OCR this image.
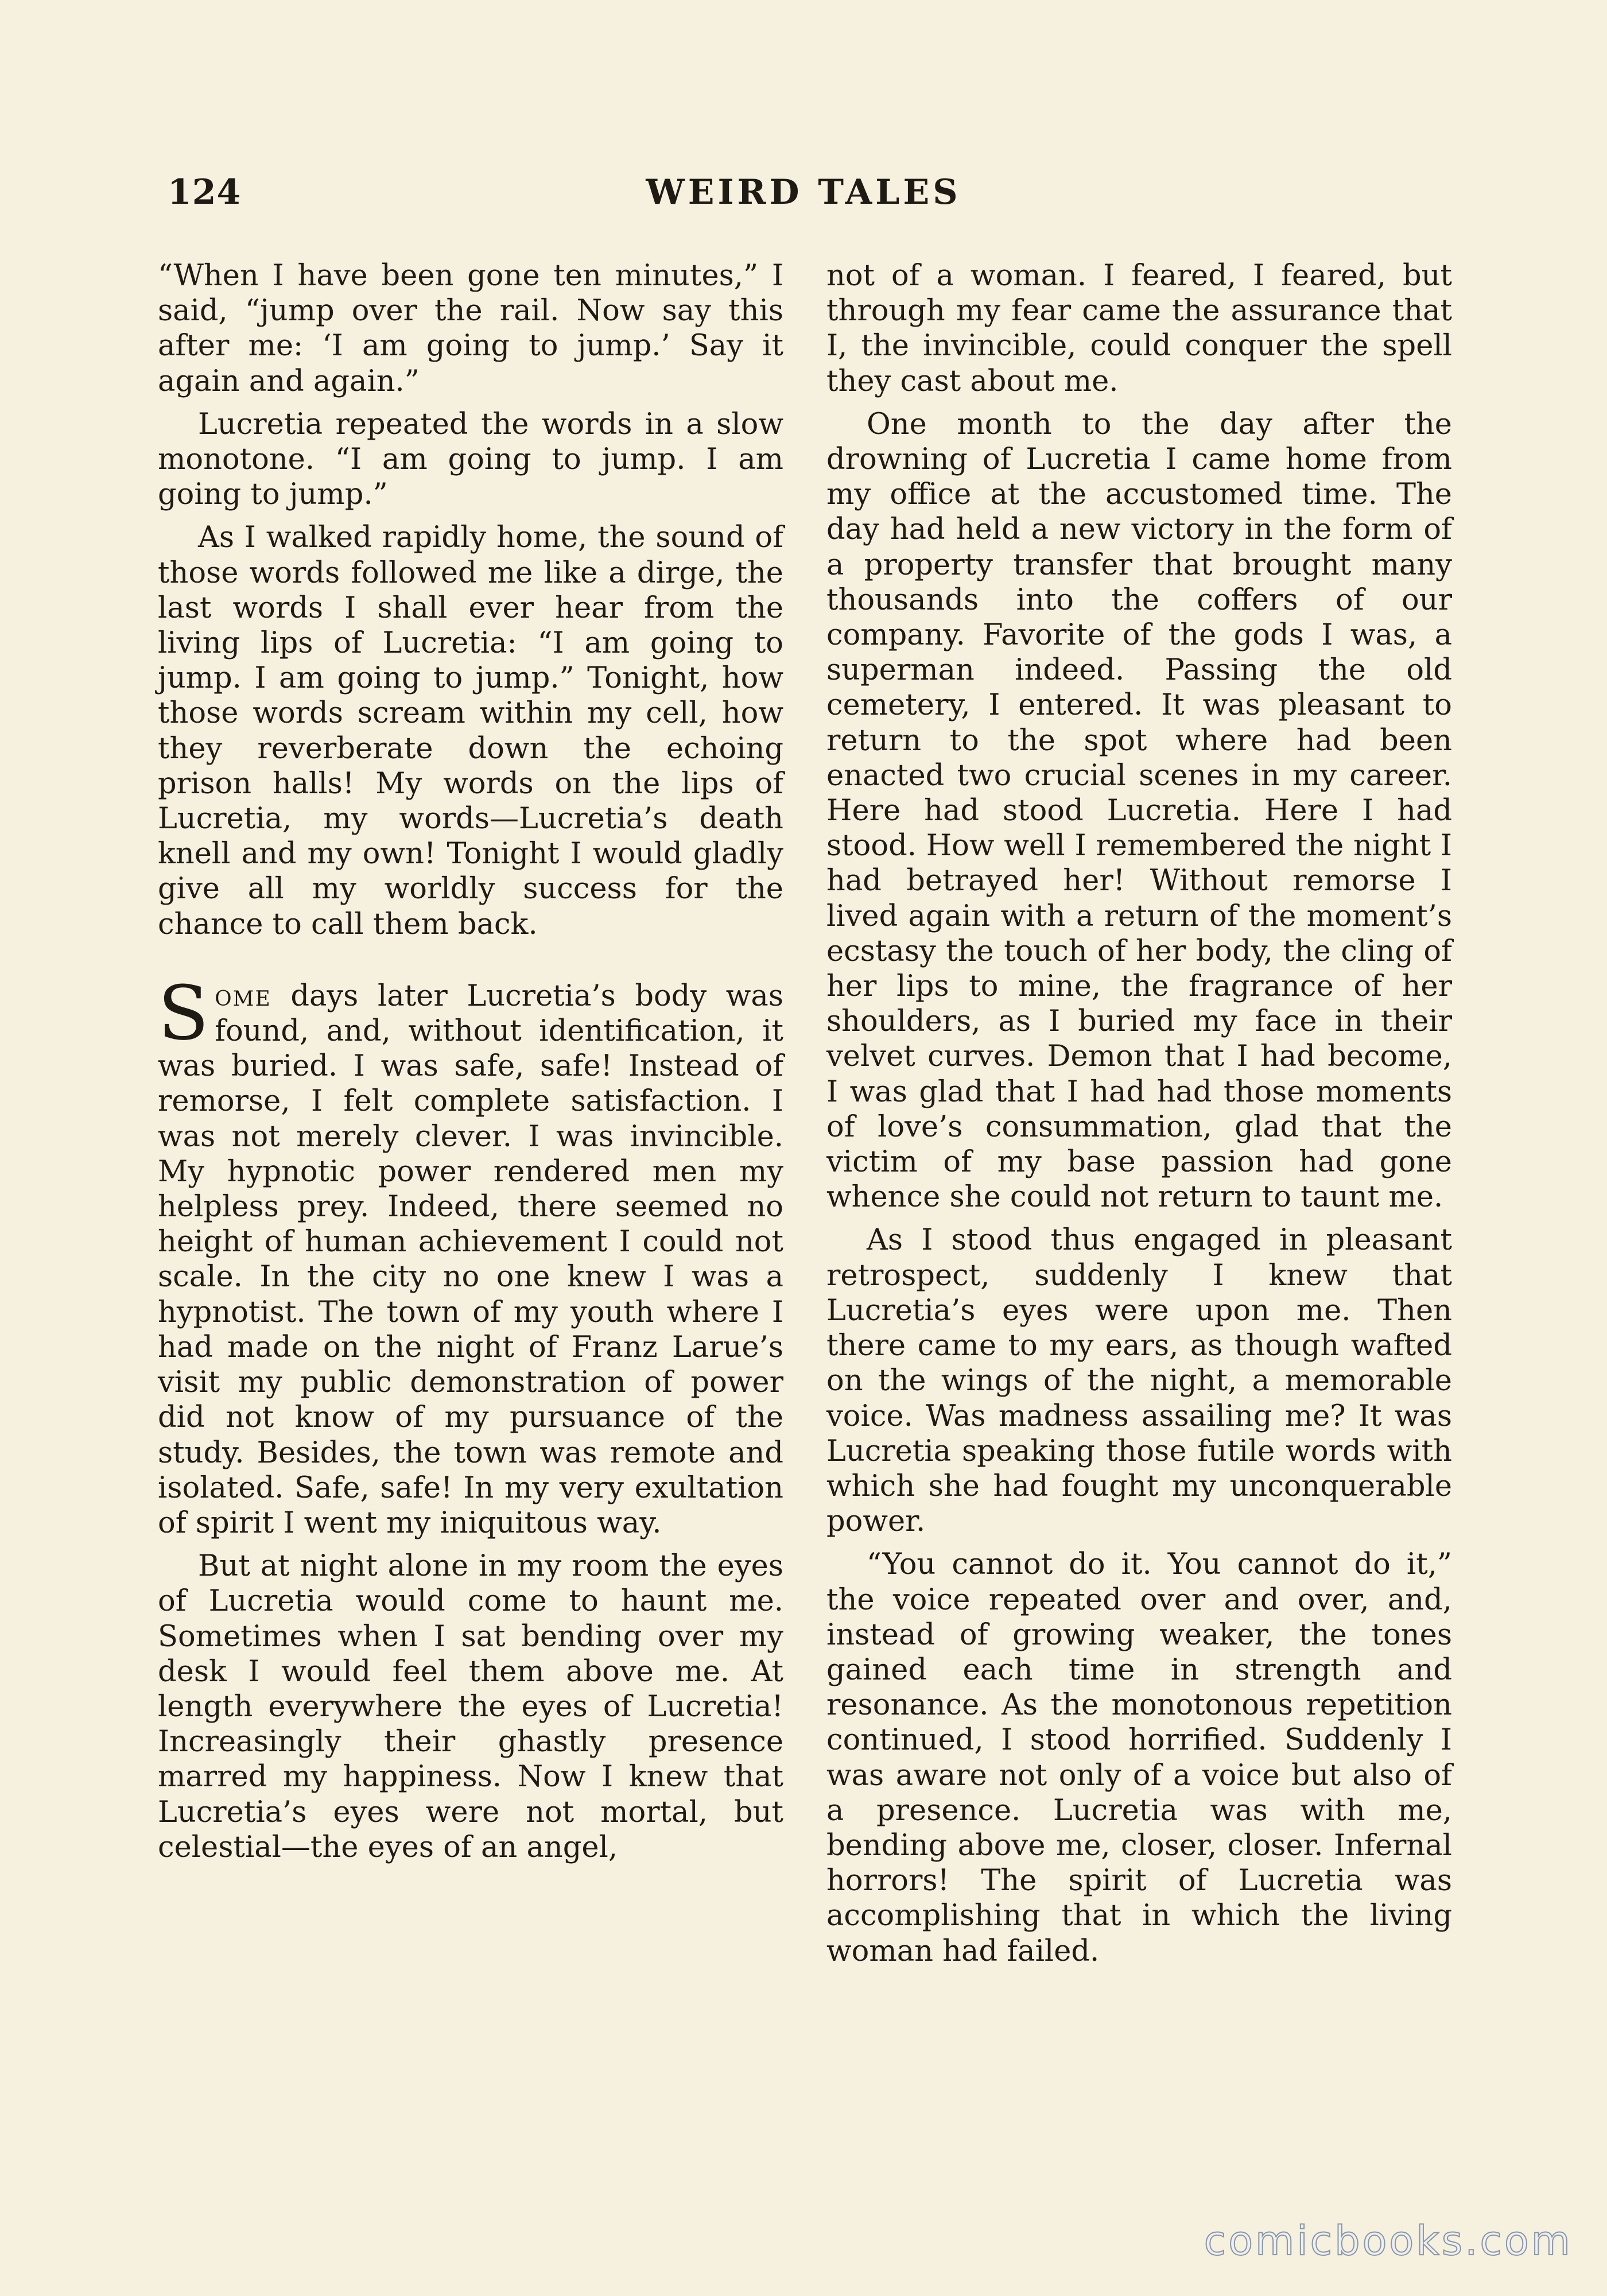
124	WEIRD TALES

“When I have been gone ten minutes,” I said, “jump over the rail. Now say this after me: ‘I am going to jump.’ Say it again and again.”

Lucretia repeated the words in a slow monotone. “I am going to jump. I am going to jump.”

As I walked rapidly home, the sound of those words followed me like a dirge, the last words I shall ever hear from the living lips of Lucretia: “I am going to jump. I am going to jump.” Tonight, how those words scream within my cell, how they reverberate down the echoing prison halls! My words on the lips of Lucretia, my words—Lucretia’s death knell and my own! Tonight I would gladly give all my worldly success for the chance to call them back.

Some days later Lucretia’s body was found, and, without identification, it was buried. I was safe, safe! Instead of remorse, I felt complete satisfaction. I was not merely clever. I was invincible. My hypnotic power rendered men my helpless prey. Indeed, there seemed no height of human achievement I could not scale. In the city no one knew I was a hypnotist. The town of my youth where I had made on the night of Franz Larue’s visit my public demonstration of power did not know of my pursuance of the study. Besides, the town was remote and isolated. Safe, safe! In my very exultation of spirit I went my iniquitous way.

But at night alone in my room the eyes of Lucretia would come to haunt me. Sometimes when I sat bending over my desk I would feel them above me. At length everywhere the eyes of Lucretia! Increasingly their ghastly presence marred my happiness. Now I knew that Lucretia’s eyes were not mortal, but celestial—the eyes of an angel,

not of a woman. I feared, I feared, but through my fear came the assurance that I, the invincible, could conquer the spell they cast about me.

One month to the day after the drowning of Lucretia I came home from my office at the accustomed time. The day had held a new victory in the form of a property transfer that brought many thousands into the coffers of our company. Favorite of the gods I was, a superman indeed. Passing the old cemetery, I entered. It was pleasant to return to the spot where had been enacted two crucial scenes in my career. Here had stood Lucretia. Here I had stood. How well I remembered the night I had betrayed her! Without remorse I lived again with a return of the moment’s ecstasy the touch of her body, the cling of her lips to mine, the fragrance of her shoulders, as I buried my face in their velvet curves. Demon that I had become, I was glad that I had had those moments of love’s consummation, glad that the victim of my base passion had gone whence she could not return to taunt me.

As I stood thus engaged in pleasant retrospect, suddenly I knew that Lucretia’s eyes were upon me. Then there came to my ears, as though wafted on the wings of the night, a memorable voice. Was madness assailing me? It was Lucretia speaking those futile words with which she had fought my unconquerable power.

“You cannot do it. You cannot do it,” the voice repeated over and over, and, instead of growing weaker, the tones gained each time in strength and resonance. As the monotonous repetition continued, I stood horrified. Suddenly I was aware not only of a voice but also of a presence. Lucretia was with me, bending above me, closer, closer. Infernal horrors! The spirit of Lucretia was accomplishing that in which the living woman had failed.

comicbooks.com
